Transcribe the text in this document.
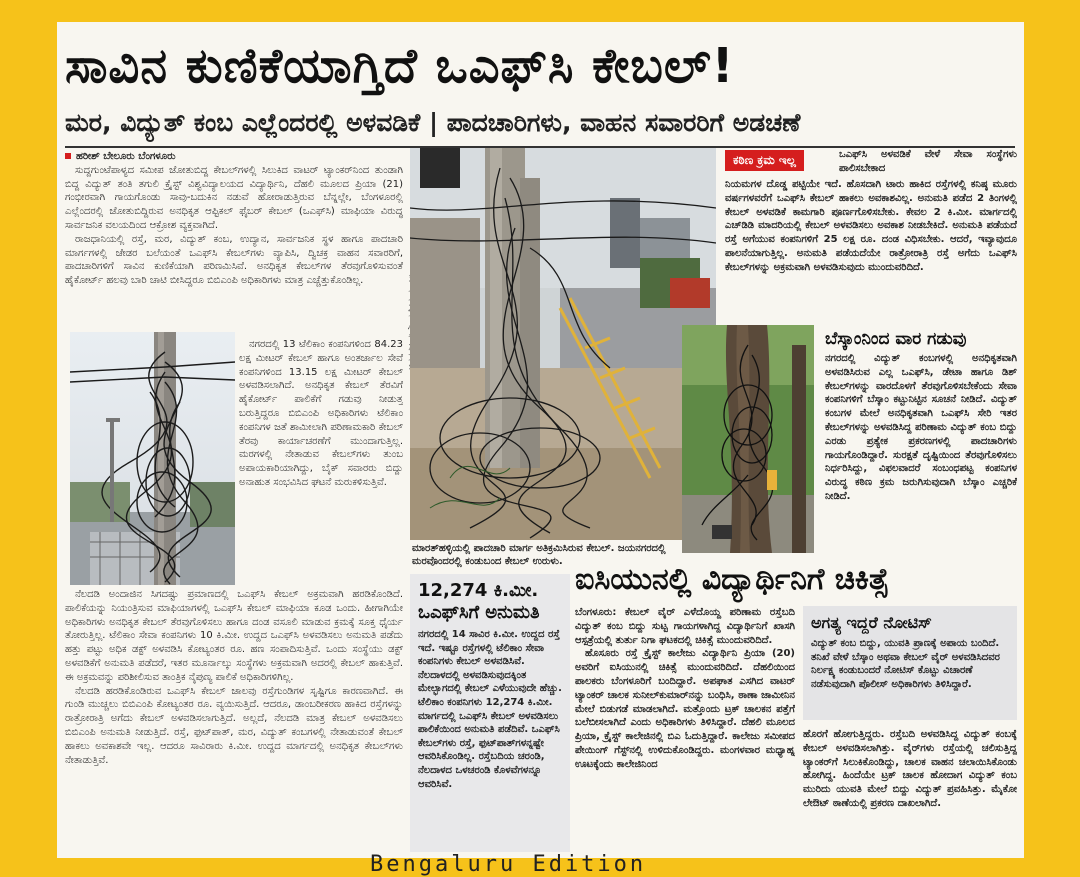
ಸಾವಿನ ಕುಣಿಕೆಯಾಗ್ತಿದೆ ಒಎಫ್‌ಸಿ ಕೇಬಲ್!
ಮರ, ವಿದ್ಯುತ್ ಕಂಬ ಎಲ್ಲೆಂದರಲ್ಲಿ ಅಳವಡಿಕೆ | ಪಾದಚಾರಿಗಳು, ವಾಹನ ಸವಾರರಿಗೆ ಅಡಚಣೆ

ಹರೀಶ್ ಬೇಲೂರು ಬೆಂಗಳೂರು

ಸುದ್ದಗುಂಟೆಪಾಳ್ಯದ ಸಮೀಪ ಜೋತುಬಿದ್ದ ಕೇಬಲ್‌ಗಳಲ್ಲಿ ಸಿಲುಕಿದ ವಾಟರ್ ಟ್ಯಾಂಕರ್‌ನಿಂದ ತುಂಡಾಗಿ ಬಿದ್ದ ವಿದ್ಯುತ್ ತಂತಿ ತಗುಲಿ ಕ್ರೈಸ್ಟ್ ವಿಶ್ವವಿದ್ಯಾಲಯದ ವಿದ್ಯಾರ್ಥಿನಿ, ದೆಹಲಿ ಮೂಲದ ಪ್ರಿಯಾ (21) ಗಂಭೀರವಾಗಿ ಗಾಯಗೊಂಡು ಸಾವು-ಬದುಕಿನ ನಡುವೆ ಹೋರಾಡುತ್ತಿರುವ ಬೆನ್ನಲ್ಲೇ, ಬೆಂಗಳೂರಲ್ಲಿ ಎಲ್ಲೆಂದರಲ್ಲಿ ಜೋತುಬಿದ್ದಿರುವ ಅನಧಿಕೃತ ಆಪ್ಟಿಕಲ್ ಫೈಬರ್ ಕೇಬಲ್ (ಒಎಫ್‌ಸಿ) ಮಾಫಿಯಾ ವಿರುದ್ಧ ಸಾರ್ವಜನಿಕ ವಲಯದಿಂದ ಆಕ್ರೋಶ ವ್ಯಕ್ತವಾಗಿದೆ.

ರಾಜಧಾನಿಯಲ್ಲಿ ರಸ್ತೆ, ಮರ, ವಿದ್ಯುತ್ ಕಂಬ, ಉದ್ಯಾನ, ಸಾರ್ವಜನಿಕ ಸ್ಥಳ ಹಾಗೂ ಪಾದಚಾರಿ ಮಾರ್ಗಗಳಲ್ಲಿ ಜೇಡರ ಬಲೆಯಂತೆ ಒಎಫ್‌ಸಿ ಕೇಬಲ್‌ಗಳು ವ್ಯಾಪಿಸಿ, ದ್ವಿಚಕ್ರ ವಾಹನ ಸವಾರರಿಗೆ, ಪಾದಚಾರಿಗಳಿಗೆ ಸಾವಿನ ಕುಣಿಕೆಯಾಗಿ ಪರಿಣಮಿಸಿವೆ. ಅನಧಿಕೃತ ಕೇಬಲ್‌ಗಳ ತೆರವುಗೊಳಿಸುವಂತೆ ಹೈಕೋರ್ಟ್ ಹಲವು ಬಾರಿ ಚಾಟಿ ಬೀಸಿದ್ದರೂ ಬಿಬಿಎಂಪಿ ಅಧಿಕಾರಿಗಳು ಮಾತ್ರ ಎಚ್ಚೆತ್ತುಕೊಂಡಿಲ್ಲ.

ನಗರದಲ್ಲಿ 13 ಟೆಲಿಕಾಂ ಕಂಪನಿಗಳಿಂದ 84.23 ಲಕ್ಷ ಮೀಟರ್ ಕೇಬಲ್ ಹಾಗೂ ಅಂತರ್ಜಾಲ ಸೇವೆ ಕಂಪನಿಗಳಿಂದ 13.15 ಲಕ್ಷ ಮೀಟರ್ ಕೇಬಲ್ ಅಳವಡಿಸಲಾಗಿದೆ. ಅನಧಿಕೃತ ಕೇಬಲ್ ತೆರವಿಗೆ ಹೈಕೋರ್ಟ್ ಪಾಲಿಕೆಗೆ ಗಡುವು ನೀಡುತ್ತ ಬರುತ್ತಿದ್ದರೂ ಬಿಬಿಎಂಪಿ ಅಧಿಕಾರಿಗಳು ಟೆಲಿಕಾಂ ಕಂಪನಿಗಳ ಜತೆ ಶಾಮೀಲಾಗಿ ಪರಿಣಾಮಕಾರಿ ಕೇಬಲ್ ತೆರವು ಕಾರ್ಯಾಚರಣೆಗೆ ಮುಂದಾಗುತ್ತಿಲ್ಲ. ಮರಗಳಲ್ಲಿ ನೇತಾಡುವ ಕೇಬಲ್‌ಗಳು ತುಂಬ ಅಪಾಯಕಾರಿಯಾಗಿದ್ದು, ಬೈಕ್ ಸವಾರರು ಬಿದ್ದು ಅನಾಹುತ ಸಂಭವಿಸಿದ ಘಟನೆ ಮರುಕಳಿಸುತ್ತಿವೆ.

ನೆಲದಡಿ ಅಂದಾಜಿನ ಸಿಗದಷ್ಟು ಪ್ರಮಾಣದಲ್ಲಿ ಒಎಫ್‌ಸಿ ಕೇಬಲ್ ಅಕ್ರಮವಾಗಿ ಹರಡಿಕೊಂಡಿದೆ. ಪಾಲಿಕೆಯನ್ನು ನಿಯಂತ್ರಿಸುವ ಮಾಫಿಯಾಗಳಲ್ಲಿ ಒಎಫ್‌ಸಿ ಕೇಬಲ್ ಮಾಫಿಯಾ ಕೂಡ ಒಂದು. ಹೀಗಾಗಿಯೇ ಅಧಿಕಾರಿಗಳು ಅನಧಿಕೃತ ಕೇಬಲ್ ತೆರವುಗೊಳಿಸಲು ಹಾಗೂ ದಂಡ ವಸೂಲಿ ಮಾಡುವ ಕ್ರಮಕ್ಕೆ ಸೂಕ್ತ ಧೈರ್ಯ ತೋರುತ್ತಿಲ್ಲ. ಟೆಲಿಕಾಂ ಸೇವಾ ಕಂಪನಿಗಳು 10 ಕಿ.ಮೀ. ಉದ್ದದ ಒಎಫ್‌ಸಿ ಅಳವಡಿಸಲು ಅನುಮತಿ ಪಡೆದು ಹತ್ತು ಪಟ್ಟು ಅಧಿಕ ಡಕ್ಟ್ ಅಳವಡಿಸಿ ಕೋಟ್ಯಂತರ ರೂ. ಹಣ ಸಂಪಾದಿಸುತ್ತಿವೆ. ಒಂದು ಸಂಸ್ಥೆಯು ಡಕ್ಟ್ ಅಳವಡಿಕೆಗೆ ಅನುಮತಿ ಪಡೆದರೆ, ಇತರ ಮೂರ್ನಾಲ್ಕು ಸಂಸ್ಥೆಗಳು ಅಕ್ರಮವಾಗಿ ಅದರಲ್ಲಿ ಕೇಬಲ್ ಹಾಕುತ್ತಿವೆ. ಈ ಅಕ್ರಮವನ್ನು ಪರಿಶೀಲಿಸುವ ತಾಂತ್ರಿಕ ನೈಪುಣ್ಯ ಪಾಲಿಕೆ ಅಧಿಕಾರಿಗಳಿಗಿಲ್ಲ.

ನೆಲದಡಿ ಹರಡಿಕೊಂಡಿರುವ ಒಎಫ್‌ಸಿ ಕೇಬಲ್ ಜಾಲವು ರಸ್ತೆಗುಂಡಿಗಳ ಸೃಷ್ಟಿಗೂ ಕಾರಣವಾಗಿದೆ. ಈ ಗುಂಡಿ ಮುಚ್ಚಲು ಬಿಬಿಎಂಪಿ ಕೋಟ್ಯಂತರ ರೂ. ವ್ಯಯಿಸುತ್ತಿದೆ. ಆದರೂ, ಡಾಂಬರೀಕರಣ ಹಾಕಿದ ರಸ್ತೆಗಳನ್ನು ರಾತ್ರೋರಾತ್ರಿ ಅಗೆದು ಕೇಬಲ್ ಅಳವಡಿಸಲಾಗುತ್ತಿದೆ. ಅಲ್ಲದೆ, ನೆಲದಡಿ ಮಾತ್ರ ಕೇಬಲ್ ಅಳವಡಿಸಲು ಬಿಬಿಎಂಪಿ ಅನುಮತಿ ನೀಡುತ್ತಿದೆ. ರಸ್ತೆ, ಫುಟ್‌ಪಾತ್, ಮರ, ವಿದ್ಯುತ್ ಕಂಬಗಳಲ್ಲಿ ನೇತಾಡುವಂತೆ ಕೇಬಲ್ ಹಾಕಲು ಅವಕಾಶವೇ ಇಲ್ಲ. ಆದರೂ ಸಾವಿರಾರು ಕಿ.ಮೀ. ಉದ್ದದ ಮಾರ್ಗದಲ್ಲಿ ಅನಧಿಕೃತ ಕೇಬಲ್‌ಗಳು ನೇತಾಡುತ್ತಿವೆ.

ಮಾರತ್‌ಹಳ್ಳಿಯಲ್ಲಿ ಪಾದಚಾರಿ ಮಾರ್ಗ ಅತಿಕ್ರಮಿಸಿರುವ ಕೇಬಲ್. ಜಯನಗರದಲ್ಲಿ ಮರವೊಂದರಲ್ಲಿ ಕಂಡುಬಂದ ಕೇಬಲ್ ಉರುಳು.
12,274 ಕಿ.ಮೀ. ಒಎಫ್‌ಸಿಗೆ ಅನುಮತಿ
ನಗರದಲ್ಲಿ 14 ಸಾವಿರ ಕಿ.ಮೀ. ಉದ್ದದ ರಸ್ತೆ ಇದೆ. ಇಷ್ಟೂ ರಸ್ತೆಗಳಲ್ಲಿ ಟೆಲಿಕಾಂ ಸೇವಾ ಕಂಪನಿಗಳು ಕೇಬಲ್ ಅಳವಡಿಸಿವೆ. ನೆಲದಾಳದಲ್ಲಿ ಅಳವಡಿಸುವುದಕ್ಕಿಂತ ಮೇಲ್ಭಾಗದಲ್ಲಿ ಕೇಬಲ್ ಎಳೆಯುವುದೇ ಹೆಚ್ಚು. ಟೆಲಿಕಾಂ ಕಂಪನಿಗಳು 12,274 ಕಿ.ಮೀ. ಮಾರ್ಗದಲ್ಲಿ ಒಎಫ್‌ಸಿ ಕೇಬಲ್ ಅಳವಡಿಸಲು ಪಾಲಿಕೆಯಿಂದ ಅನುಮತಿ ಪಡೆದಿವೆ. ಒಎಫ್‌ಸಿ ಕೇಬಲ್‌ಗಳು ರಸ್ತೆ, ಫುಟ್‌ಪಾತ್‌ಗಳನ್ನಷ್ಟೇ ಆವರಿಸಿಕೊಂಡಿಲ್ಲ. ರಸ್ತೆಬದಿಯ ಚರಂಡಿ, ನೆಲದಾಳದ ಒಳಚರಂಡಿ ಕೊಳವೆಗಳನ್ನೂ ಆವರಿಸಿವೆ.
ಕಠಿಣ ಕ್ರಮ ಇಲ್ಲ	ಒಎಫ್‌ಸಿ ಅಳವಡಿಕೆ ವೇಳೆ ಸೇವಾ ಸಂಸ್ಥೆಗಳು ಪಾಲಿಸಬೇಕಾದ
ನಿಯಮಗಳ ದೊಡ್ಡ ಪಟ್ಟಿಯೇ ಇದೆ. ಹೊಸದಾಗಿ ಟಾರು ಹಾಕಿದ ರಸ್ತೆಗಳಲ್ಲಿ ಕನಿಷ್ಠ ಮೂರು ವರ್ಷಗಳವರೆಗೆ ಒಎಫ್‌ಸಿ ಕೇಬಲ್ ಹಾಕಲು ಅವಕಾಶವಿಲ್ಲ. ಅನುಮತಿ ಪಡೆದ 2 ತಿಂಗಳಲ್ಲಿ ಕೇಬಲ್ ಅಳವಡಿಕೆ ಕಾಮಗಾರಿ ಪೂರ್ಣಗೊಳಿಸಬೇಕು. ಕೇವಲ 2 ಕಿ.ಮೀ. ಮಾರ್ಗದಲ್ಲಿ ಎಚ್‌ಡಿಡಿ ಮಾದರಿಯಲ್ಲಿ ಕೇಬಲ್ ಅಳವಡಿಸಲು ಅವಕಾಶ ನೀಡಬೇಕಿದೆ. ಅನುಮತಿ ಪಡೆಯದೆ ರಸ್ತೆ ಅಗೆಯುವ ಕಂಪನಿಗಳಿಗೆ 25 ಲಕ್ಷ ರೂ. ದಂಡ ವಿಧಿಸಬೇಕು. ಆದರೆ, ಇವ್ಯಾವುದೂ ಪಾಲನೆಯಾಗುತ್ತಿಲ್ಲ. ಅನುಮತಿ ಪಡೆಯದೆಯೇ ರಾತ್ರೋರಾತ್ರಿ ರಸ್ತೆ ಅಗೆದು ಒಎಫ್‌ಸಿ ಕೇಬಲ್‌ಗಳನ್ನು ಅಕ್ರಮವಾಗಿ ಅಳವಡಿಸುವುದು ಮುಂದುವರಿದಿದೆ.
ಬೆಸ್ಕಾಂನಿಂದ ವಾರ ಗಡುವು
ನಗರದಲ್ಲಿ ವಿದ್ಯುತ್ ಕಂಬಗಳಲ್ಲಿ ಅನಧಿಕೃತವಾಗಿ ಅಳವಡಿಸಿರುವ ಎಲ್ಲ ಒಎಫ್‌ಸಿ, ಡೇಟಾ ಹಾಗೂ ಡಿಶ್ ಕೇಬಲ್‌ಗಳನ್ನು ವಾರದೊಳಗೆ ತೆರವುಗೊಳಿಸಬೇಕೆಂದು ಸೇವಾ ಕಂಪನಿಗಳಿಗೆ ಬೆಸ್ಕಾಂ ಕಟ್ಟುನಿಟ್ಟಿನ ಸೂಚನೆ ನೀಡಿದೆ. ವಿದ್ಯುತ್ ಕಂಬಗಳ ಮೇಲೆ ಅನಧಿಕೃತವಾಗಿ ಒಎಫ್‌ಸಿ ಸೇರಿ ಇತರ ಕೇಬಲ್‌ಗಳನ್ನು ಅಳವಡಿಸಿದ್ದ ಪರಿಣಾಮ ವಿದ್ಯುತ್ ಕಂಬ ಬಿದ್ದು ಎರಡು ಪ್ರತ್ಯೇಕ ಪ್ರಕರಣಗಳಲ್ಲಿ ಪಾದಚಾರಿಗಳು ಗಾಯಗೊಂಡಿದ್ದಾರೆ. ಸುರಕ್ಷತೆ ದೃಷ್ಟಿಯಿಂದ ತೆರವುಗೊಳಿಸಲು ನಿರ್ಧರಿಸಿದ್ದು, ವಿಫಲವಾದರೆ ಸಂಬಂಧಪಟ್ಟ ಕಂಪನಿಗಳ ವಿರುದ್ಧ ಕಠಿಣ ಕ್ರಮ ಜರುಗಿಸುವುದಾಗಿ ಬೆಸ್ಕಾಂ ಎಚ್ಚರಿಕೆ ನೀಡಿದೆ.
ಐಸಿಯುನಲ್ಲಿ ವಿದ್ಯಾರ್ಥಿನಿಗೆ ಚಿಕಿತ್ಸೆ

ಬೆಂಗಳೂರು: ಕೇಬಲ್ ವೈರ್ ಎಳೆದೊಯ್ದ ಪರಿಣಾಮ ರಸ್ತೆಬದಿ ವಿದ್ಯುತ್ ಕಂಬ ಬಿದ್ದು ಸುಟ್ಟ ಗಾಯಗಳಾಗಿದ್ದ ವಿದ್ಯಾರ್ಥಿನಿಗೆ ಖಾಸಗಿ ಆಸ್ಪತ್ರೆಯಲ್ಲಿ ತುರ್ತು ನಿಗಾ ಘಟಕದಲ್ಲಿ ಚಿಕಿತ್ಸೆ ಮುಂದುವರಿದಿದೆ.

ಹೊಸೂರು ರಸ್ತೆ ಕ್ರೈಸ್ಟ್ ಕಾಲೇಜು ವಿದ್ಯಾರ್ಥಿನಿ ಪ್ರಿಯಾ (20) ಅವರಿಗೆ ಐಸಿಯುನಲ್ಲಿ ಚಿಕಿತ್ಸೆ ಮುಂದುವರಿದಿದೆ. ದೆಹಲಿಯಿಂದ ಪಾಲಕರು ಬೆಂಗಳೂರಿಗೆ ಬಂದಿದ್ದಾರೆ. ಅಪಘಾತ ಎಸಗಿದ ವಾಟರ್ ಟ್ಯಾಂಕರ್ ಚಾಲಕ ಸುನೀಲ್‌ಕುಮಾರ್‌ನನ್ನು ಬಂಧಿಸಿ, ಠಾಣಾ ಜಾಮೀನಿನ ಮೇಲೆ ಬಿಡುಗಡೆ ಮಾಡಲಾಗಿದೆ. ಮತ್ತೊಂದು ಟ್ರಕ್ ಚಾಲಕನ ಪತ್ತೆಗೆ ಬಲೆಬೀಸಲಾಗಿದೆ ಎಂದು ಅಧಿಕಾರಿಗಳು ತಿಳಿಸಿದ್ದಾರೆ. ದೆಹಲಿ ಮೂಲದ ಪ್ರಿಯಾ, ಕ್ರೈಸ್ಟ್ ಕಾಲೇಜಿನಲ್ಲಿ ಬಿಎ ಓದುತ್ತಿದ್ದಾರೆ. ಕಾಲೇಜು ಸಮೀಪದ ಪೇಯಿಂಗ್ ಗೆಸ್ಟ್‌ನಲ್ಲಿ ಉಳಿದುಕೊಂಡಿದ್ದರು. ಮಂಗಳವಾರ ಮಧ್ಯಾಹ್ನ ಊಟಕ್ಕೆಂದು ಕಾಲೇಜಿನಿಂದ

ಅಗತ್ಯ ಇದ್ದರೆ ನೋಟಿಸ್
ವಿದ್ಯುತ್ ಕಂಬ ಬಿದ್ದು, ಯುವತಿ ಪ್ರಾಣಕ್ಕೆ ಅಪಾಯ ಬಂದಿದೆ. ತನಿಖೆ ವೇಳೆ ಬೆಸ್ಕಾಂ ಅಥವಾ ಕೇಬಲ್ ವೈರ್ ಅಳವಡಿಸಿದವರ ನಿರ್ಲಕ್ಷ್ಯ ಕಂಡುಬಂದರೆ ನೋಟಿಸ್ ಕೊಟ್ಟು ವಿಚಾರಣೆ ನಡೆಸುವುದಾಗಿ ಪೊಲೀಸ್ ಅಧಿಕಾರಿಗಳು ತಿಳಿಸಿದ್ದಾರೆ.
ಹೊರಗೆ ಹೋಗುತ್ತಿದ್ದರು. ರಸ್ತೆಬದಿ ಅಳವಡಿಸಿದ್ದ ವಿದ್ಯುತ್ ಕಂಬಕ್ಕೆ ಕೇಬಲ್ ಅಳವಡಿಸಲಾಗಿತ್ತು. ವೈರ್‌ಗಳು ರಸ್ತೆಯಲ್ಲಿ ಚಲಿಸುತ್ತಿದ್ದ ಟ್ಯಾಂಕರ್‌ಗೆ ಸಿಲುಕಿಕೊಂಡಿದ್ದು, ಚಾಲಕ ವಾಹನ ಚಲಾಯಿಸಿಕೊಂಡು ಹೋಗಿದ್ದ. ಹಿಂದೆಯೇ ಟ್ರಕ್ ಚಾಲಕ ಹೋದಾಗ ವಿದ್ಯುತ್ ಕಂಬ ಮುರಿದು ಯುವತಿ ಮೇಲೆ ಬಿದ್ದು ವಿದ್ಯುತ್ ಪ್ರವಹಿಸಿತ್ತು. ಮೈಕೋ ಲೇಔಟ್ ಠಾಣೆಯಲ್ಲಿ ಪ್ರಕರಣ ದಾಖಲಾಗಿದೆ.
Bengaluru Edition
